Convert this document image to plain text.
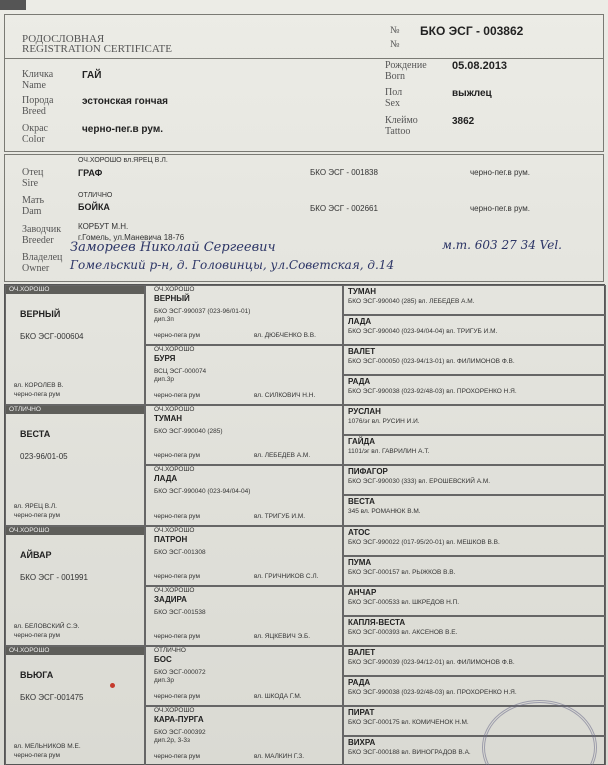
РОДОСЛОВНАЯ
REGISTRATION CERTIFICATE
№ БКО ЭСГ - 003862
№
Кличка
Name
ГАЙ
Порода
Breed
эстонская гончая
Окрас
Color
черно-пег.в рум.
Рождение
Born
05.08.2013
Пол
Sex
выжлец
Клеймо
Tattoo
3862
ОЧ.ХОРОШО вл.ЯРЕЦ В.Л.
Отец
Sire
ГРАФ	БКО ЭСГ - 001838	черно-пег.в рум.
ОТЛИЧНО
Мать
Dam	БОЙКА	БКО ЭСГ - 002661	черно-пег.в рум.
Заводчик
Breeder
КОРБУТ М.Н.
г.Гомель, ул.Маневича 18-76
Владелец
Owner
Замореев Николай Сергеевич	м.т. 603 27 34 Vel.
Гомельский р-н, д. Головинцы, ул.Советская, д.14
ОЧ.ХОРОШО
ВЕРНЫЙ
БКО ЭСГ-000604
вл. КОРОЛЕВ В.
черно-пега рум
ОТЛИЧНО
ВЕСТА
023-96/01-05
вл. ЯРЕЦ В.Л.
черно-пега рум
ОЧ.ХОРОШО
АЙВАР
БКО ЭСГ - 001991
вл. БЕЛОВСКИЙ С.Э.
черно-пега рум
ОЧ.ХОРОШО
ВЬЮГА
БКО ЭСГ-001475
вл. МЕЛЬНИКОВ М.Е.
черно-пега рум
ОЧ.ХОРОШО
ВЕРНЫЙ
БКО ЭСГ-990037 (023-96/01-01)
дип.3п
черно-пега рум	вл. ДЮБЧЕНКО В.В.
ОЧ.ХОРОШО
БУРЯ
ВСЦ ЭСГ-000074
дип.3р
черно-пега рум	вл. СИЛКОВИЧ Н.Н.
ОЧ.ХОРОШО
ТУМАН
БКО ЭСГ-990040 (285)
черно-пега рум	вл. ЛЕБЕДЕВ А.М.
ОЧ.ХОРОШО
ЛАДА
БКО ЭСГ-990040 (023-94/04-04)
черно-пега рум	вл. ТРИГУБ И.М.
ОЧ.ХОРОШО
ПАТРОН
БКО ЭСГ-001308
черно-пега рум	вл. ГРИЧНИКОВ С.Л.
ОЧ.ХОРОШО
ЗАДИРА
БКО ЭСГ-001538
черно-пега рум	вл. ЯЦКЕВИЧ Э.Б.
ОТЛИЧНО
БОС
БКО ЭСГ-000072
дип.3р
черно-пега рум	вл. ШКОДА Г.М.
ОЧ.ХОРОШО
КАРА-ПУРГА
БКО ЭСГ-000392
дип.2р, 3-3з
черно-пега рум	вл. МАЛКИН Г.З.
ТУМАН
БКО ЭСГ-990040 (285) вл. ЛЕБЕДЕВ А.М.
ЛАДА
БКО ЭСГ-990040 (023-94/04-04) вл. ТРИГУБ И.М.
ВАЛЕТ
БКО ЭСГ-000050 (023-94/13-01) вл. ФИЛИМОНОВ Ф.В.
РАДА
БКО ЭСГ-990038 (023-92/48-03) вл. ПРОХОРЕНКО Н.Я.
РУСЛАН
1076/эг вл. РУСИН И.И.
ГАЙДА
1101/эг вл. ГАВРИЛИН А.Т.
ПИФАГОР
БКО ЭСГ-990030 (333) вл. ЕРОШЕВСКИЙ А.М.
ВЕСТА
345 вл. РОМАНЮК В.М.
АТОС
БКО ЭСГ-990022 (017-95/20-01) вл. МЕШКОВ В.В.
ПУМА
БКО ЭСГ-000157 вл. РЫЖКОВ В.В.
АНЧАР
БКО ЭСГ-000533 вл. ШКРЕДОВ Н.П.
КАПЛЯ-ВЕСТА
БКО ЭСГ-000393 вл. АКСЕНОВ В.Е.
ВАЛЕТ
БКО ЭСГ-990039 (023-94/12-01) вл. ФИЛИМОНОВ Ф.В.
РАДА
БКО ЭСГ-990038 (023-92/48-03) вл. ПРОХОРЕНКО Н.Я.
ПИРАТ
БКО ЭСГ-000175 вл. КОМИЧЕНОК Н.М.
ВИХРА
БКО ЭСГ-000188 вл. ВИНОГРАДОВ В.А.
